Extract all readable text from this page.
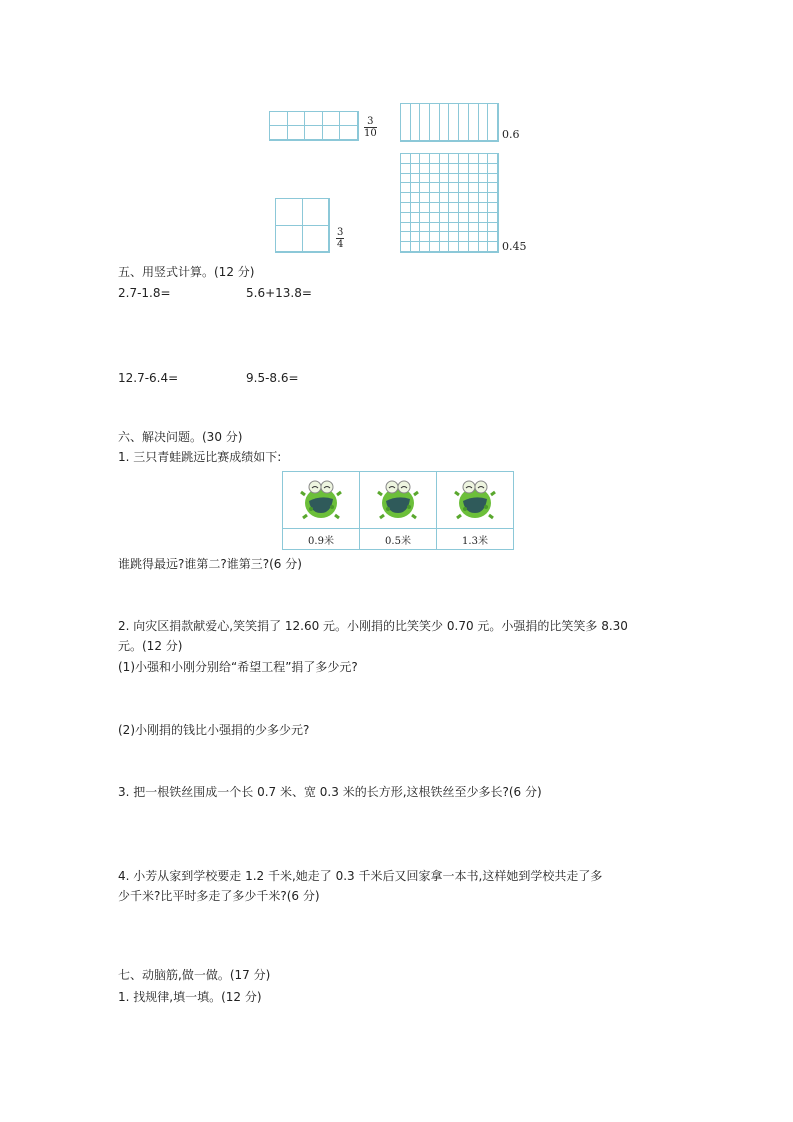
$\frac{3}{10}$	0.6
0.45
$\frac{3}{4}$
五、用竖式计算。(12 分)
2.7-1.8=	5.6+13.8=
12.7-6.4=	9.5-8.6=
六、解决问题。(30 分)
1. 三只青蛙跳远比赛成绩如下:

0.9米	0.5米	1.3米
谁跳得最远?谁第二?谁第三?(6 分)
2. 向灾区捐款献爱心,笑笑捐了 12.60 元。小刚捐的比笑笑少 0.70 元。小强捐的比笑笑多 8.30
元。(12 分)
(1)小强和小刚分别给“希望工程”捐了多少元?
(2)小刚捐的钱比小强捐的少多少元?
3. 把一根铁丝围成一个长 0.7 米、宽 0.3 米的长方形,这根铁丝至少多长?(6 分)
4. 小芳从家到学校要走 1.2 千米,她走了 0.3 千米后又回家拿一本书,这样她到学校共走了多
少千米?比平时多走了多少千米?(6 分)
七、动脑筋,做一做。(17 分)
1. 找规律,填一填。(12 分)
